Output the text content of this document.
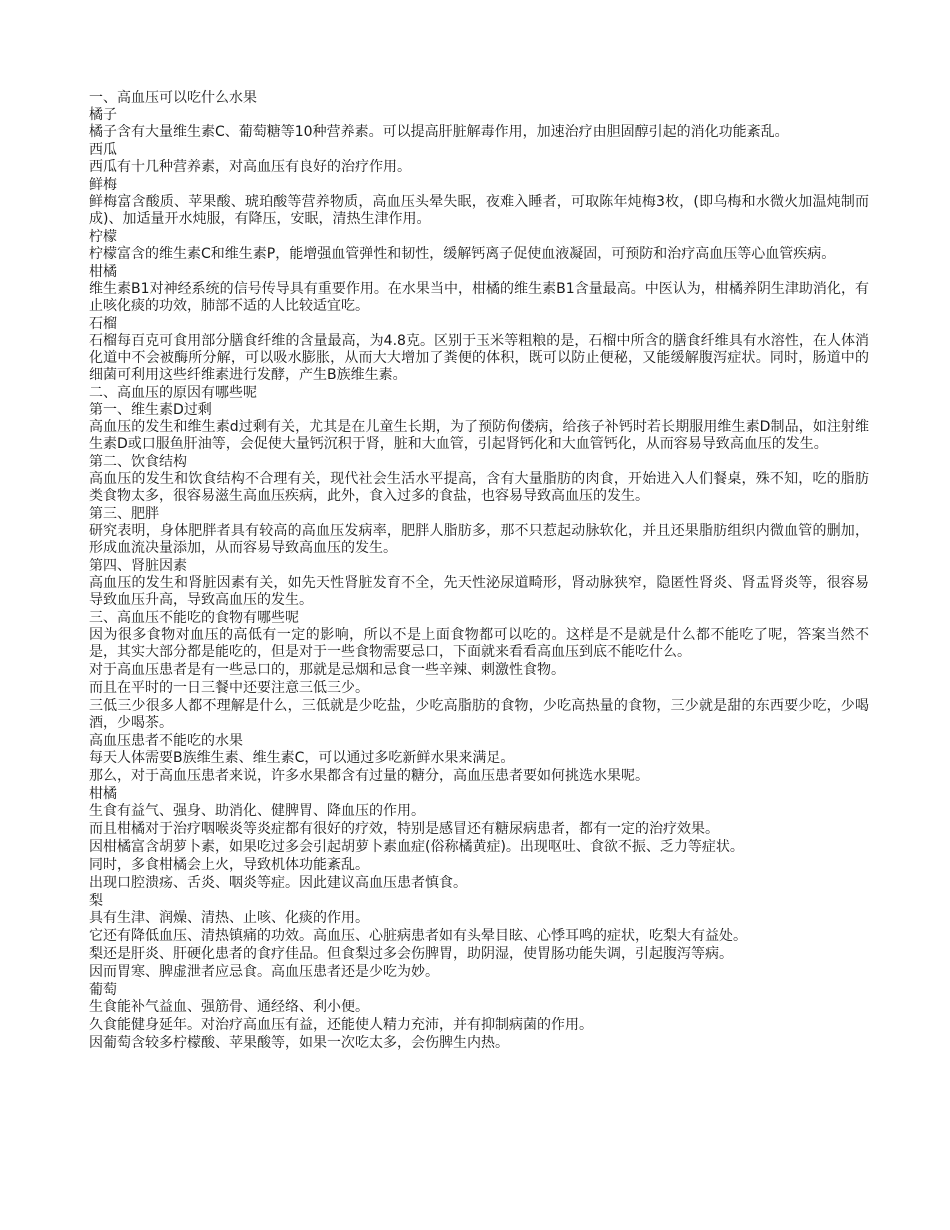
一、高血压可以吃什么水果

橘子

橘子含有大量维生素C、葡萄糖等10种营养素。可以提高肝脏解毒作用，加速治疗由胆固醇引起的消化功能紊乱。

西瓜

西瓜有十几种营养素，对高血压有良好的治疗作用。

鲜梅

鲜梅富含酸质、苹果酸、琥珀酸等营养物质，高血压头晕失眠，夜难入睡者，可取陈年炖梅3枚，(即乌梅和水微火加温炖制而成)、加适量开水炖服，有降压，安眠，清热生津作用。

柠檬

柠檬富含的维生素C和维生素P，能增强血管弹性和韧性，缓解钙离子促使血液凝固，可预防和治疗高血压等心血管疾病。

柑橘

维生素B1对神经系统的信号传导具有重要作用。在水果当中，柑橘的维生素B1含量最高。中医认为，柑橘养阴生津助消化，有止咳化痰的功效，肺部不适的人比较适宜吃。

石榴

石榴每百克可食用部分膳食纤维的含量最高，为4.8克。区别于玉米等粗粮的是，石榴中所含的膳食纤维具有水溶性，在人体消化道中不会被酶所分解，可以吸水膨胀，从而大大增加了粪便的体积，既可以防止便秘，又能缓解腹泻症状。同时，肠道中的细菌可利用这些纤维素进行发酵，产生B族维生素。

二、高血压的原因有哪些呢

第一、维生素D过剩

高血压的发生和维生素d过剩有关，尤其是在儿童生长期，为了预防佝偻病，给孩子补钙时若长期服用维生素D制品，如注射维生素D或口服鱼肝油等，会促使大量钙沉积于肾，脏和大血管，引起肾钙化和大血管钙化，从而容易导致高血压的发生。

第二、饮食结构

高血压的发生和饮食结构不合理有关，现代社会生活水平提高，含有大量脂肪的肉食，开始进入人们餐桌，殊不知，吃的脂肪类食物太多，很容易滋生高血压疾病，此外，食入过多的食盐，也容易导致高血压的发生。

第三、肥胖

研究表明，身体肥胖者具有较高的高血压发病率，肥胖人脂肪多，那不只惹起动脉软化，并且还果脂肪组织内微血管的删加，形成血流决量添加，从而容易导致高血压的发生。

第四、肾脏因素

高血压的发生和肾脏因素有关，如先天性肾脏发育不全，先天性泌尿道畸形，肾动脉狭窄，隐匿性肾炎、肾盂肾炎等，很容易导致血压升高，导致高血压的发生。

三、高血压不能吃的食物有哪些呢

因为很多食物对血压的高低有一定的影响，所以不是上面食物都可以吃的。这样是不是就是什么都不能吃了呢，答案当然不是，其实大部分都是能吃的，但是对于一些食物需要忌口，下面就来看看高血压到底不能吃什么。

对于高血压患者是有一些忌口的，那就是忌烟和忌食一些辛辣、刺激性食物。

而且在平时的一日三餐中还要注意三低三少。

三低三少很多人都不理解是什么，三低就是少吃盐，少吃高脂肪的食物，少吃高热量的食物，三少就是甜的东西要少吃，少喝酒，少喝茶。

高血压患者不能吃的水果

每天人体需要B族维生素、维生素C，可以通过多吃新鲜水果来满足。

那么，对于高血压患者来说，许多水果都含有过量的糖分，高血压患者要如何挑选水果呢。

柑橘

生食有益气、强身、助消化、健脾胃、降血压的作用。

而且柑橘对于治疗咽喉炎等炎症都有很好的疗效，特别是感冒还有糖尿病患者，都有一定的治疗效果。

因柑橘富含胡萝卜素，如果吃过多会引起胡萝卜素血症(俗称橘黄症)。出现呕吐、食欲不振、乏力等症状。

同时，多食柑橘会上火，导致机体功能紊乱。

出现口腔溃疡、舌炎、咽炎等症。因此建议高血压患者慎食。

梨

具有生津、润燥、清热、止咳、化痰的作用。

它还有降低血压、清热镇痛的功效。高血压、心脏病患者如有头晕目眩、心悸耳鸣的症状，吃梨大有益处。

梨还是肝炎、肝硬化患者的食疗佳品。但食梨过多会伤脾胃，助阴湿，使胃肠功能失调，引起腹泻等病。

因而胃寒、脾虚泄者应忌食。高血压患者还是少吃为妙。

葡萄

生食能补气益血、强筋骨、通经络、利小便。

久食能健身延年。对治疗高血压有益，还能使人精力充沛，并有抑制病菌的作用。

因葡萄含较多柠檬酸、苹果酸等，如果一次吃太多，会伤脾生内热。
